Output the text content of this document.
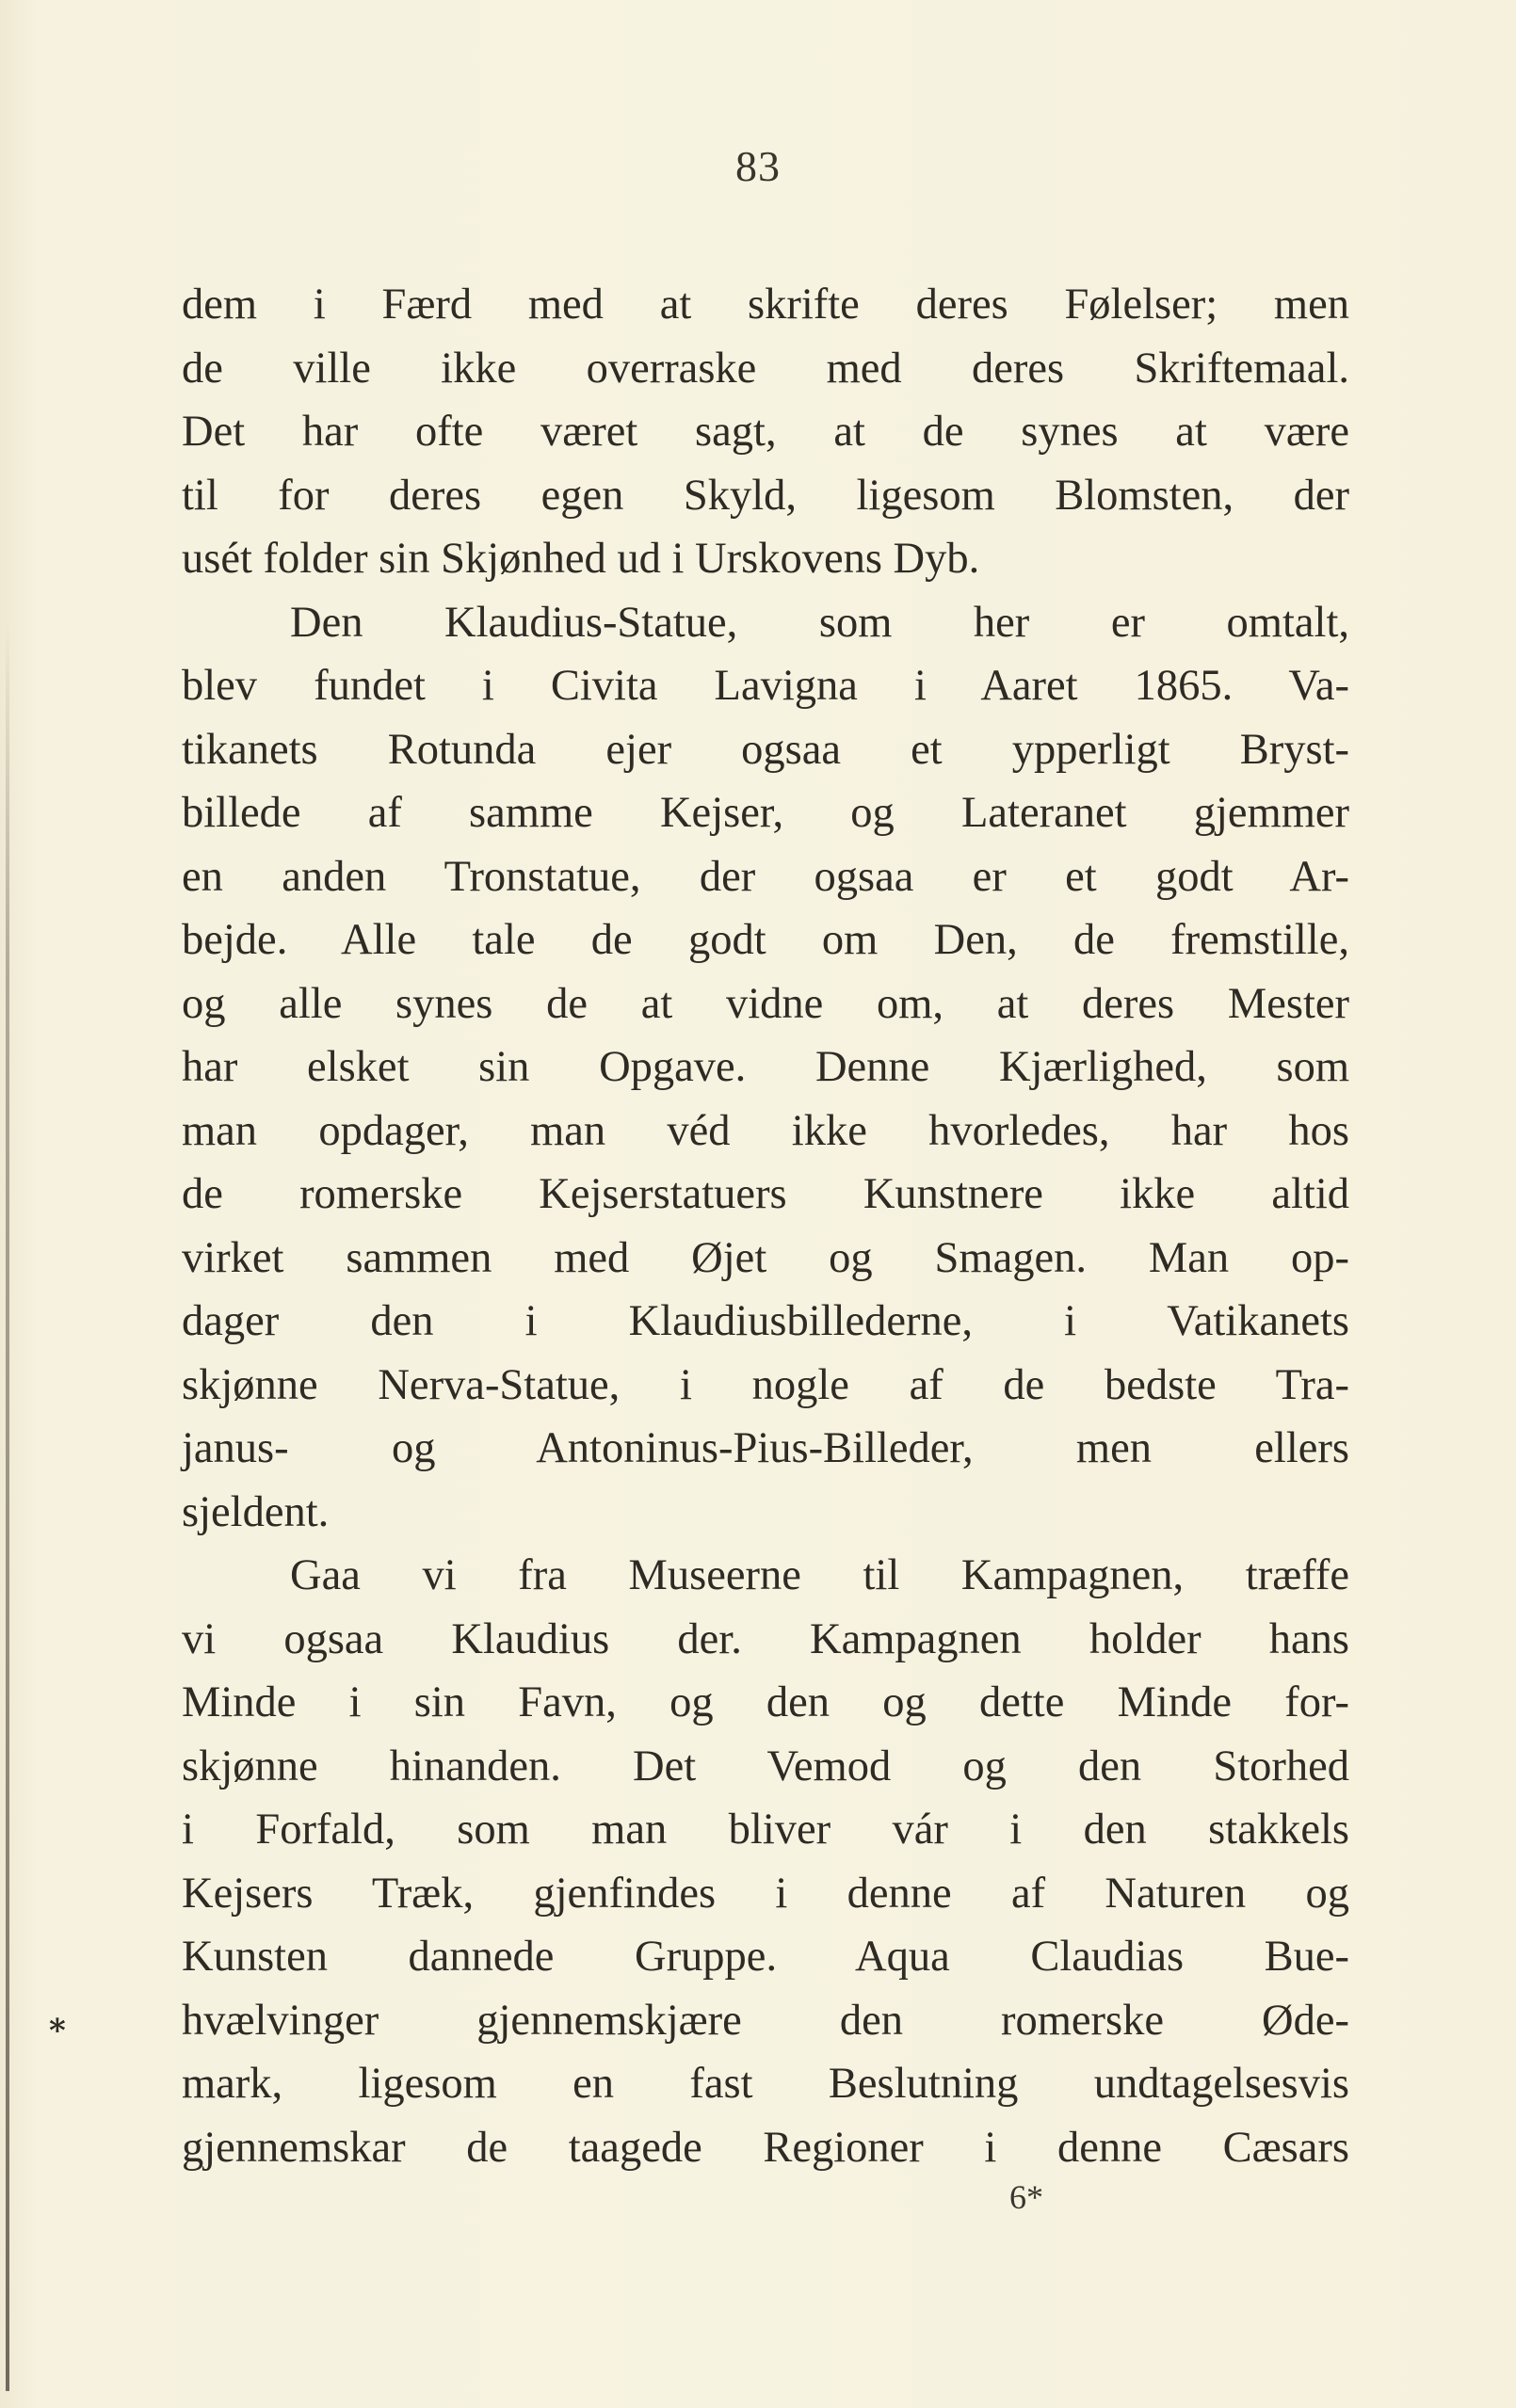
83
dem i Færd med at skrifte deres Følelser; men
de ville ikke overraske med deres Skriftemaal.
Det har ofte været sagt, at de synes at være
til for deres egen Skyld, ligesom Blomsten, der
usét folder sin Skjønhed ud i Urskovens Dyb.
Den Klaudius-Statue, som her er omtalt,
blev fundet i Civita Lavigna i Aaret 1865. Va-
tikanets Rotunda ejer ogsaa et ypperligt Bryst-
billede af samme Kejser, og Lateranet gjemmer
en anden Tronstatue, der ogsaa er et godt Ar-
bejde. Alle tale de godt om Den, de fremstille,
og alle synes de at vidne om, at deres Mester
har elsket sin Opgave. Denne Kjærlighed, som
man opdager, man véd ikke hvorledes, har hos
de romerske Kejserstatuers Kunstnere ikke altid
virket sammen med Øjet og Smagen. Man op-
dager den i Klaudiusbillederne, i Vatikanets
skjønne Nerva-Statue, i nogle af de bedste Tra-
janus- og Antoninus-Pius-Billeder, men ellers
sjeldent.
Gaa vi fra Museerne til Kampagnen, træffe
vi ogsaa Klaudius der. Kampagnen holder hans
Minde i sin Favn, og den og dette Minde for-
skjønne hinanden. Det Vemod og den Storhed
i Forfald, som man bliver vár i den stakkels
Kejsers Træk, gjenfindes i denne af Naturen og
Kunsten dannede Gruppe. Aqua Claudias Bue-
hvælvinger gjennemskjære den romerske Øde-
mark, ligesom en fast Beslutning undtagelsesvis
gjennemskar de taagede Regioner i denne Cæsars
⁎
6*
